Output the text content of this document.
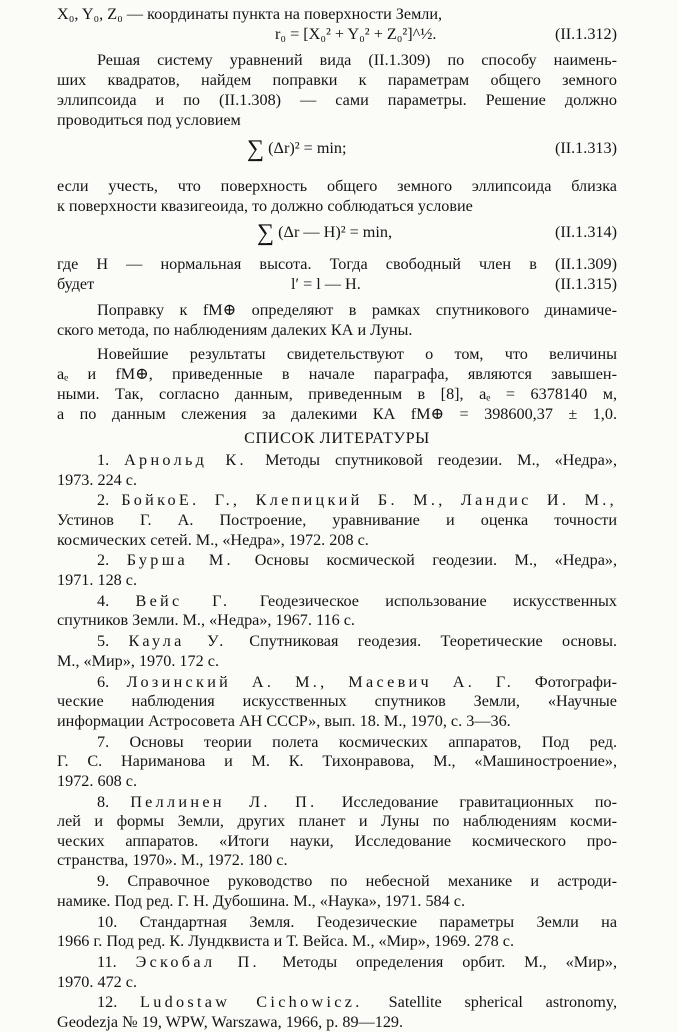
X₀, Y₀, Z₀ — координаты пункта на поверхности Земли,
r₀ = [X₀² + Y₀² + Z₀²]^½.	(II.1.312)
Решая систему уравнений вида (II.1.309) по способу наимень-
ших квадратов, найдем поправки к параметрам общего земного
эллипсоида и по (II.1.308) — сами параметры. Решение должно
проводиться под условием
∑ (Δr)² = min;	(II.1.313)
если учесть, что поверхность общего земного эллипсоида близка
к поверхности квазигеоида, то должно соблюдаться условие
∑ (Δr — H)² = min,	(II.1.314)
где H — нормальная высота. Тогда свободный член в (II.1.309)
будет	l′ = l — H.	(II.1.315)
Поправку к fM⊕ определяют в рамках спутникового динамиче-
ского метода, по наблюдениям далеких КА и Луны.
Новейшие результаты свидетельствуют о том, что величины
aₑ и fM⊕, приведенные в начале параграфа, являются завышен-
ными. Так, согласно данным, приведенным в [8], aₑ = 6378140 м,
а по данным слежения за далекими КА fM⊕ = 398600,37 ± 1,0.
СПИСОК ЛИТЕРАТУРЫ
1. Арнольд К. Методы спутниковой геодезии. М., «Недра»,
1973. 224 с.
2. БойкоЕ. Г., Клепицкий Б. М., Ландис И. М.,
Устинов Г. А. Построение, уравнивание и оценка точности
космических сетей. М., «Недра», 1972. 208 с.
2. Бурша М. Основы космической геодезии. М., «Недра»,
1971. 128 с.
4. Вейс Г. Геодезическое использование искусственных
спутников Земли. М., «Недра», 1967. 116 с.
5. Каула У. Спутниковая геодезия. Теоретические основы.
М., «Мир», 1970. 172 с.
6. Лозинский А. М., Масевич А. Г. Фотографи-
ческие наблюдения искусственных спутников Земли, «Научные
информации Астросовета АН СССР», вып. 18. М., 1970, с. 3—36.
7. Основы теории полета космических аппаратов, Под ред.
Г. С. Нариманова и М. К. Тихонравова, М., «Машиностроение»,
1972. 608 с.
8. Пеллинен Л. П. Исследование гравитационных по-
лей и формы Земли, других планет и Луны по наблюдениям косми-
ческих аппаратов. «Итоги науки, Исследование космического про-
странства, 1970». М., 1972. 180 с.
9. Справочное руководство по небесной механике и астроди-
намике. Под ред. Г. Н. Дубошина. М., «Наука», 1971. 584 с.
10. Стандартная Земля. Геодезические параметры Земли на
1966 г. Под ред. К. Лундквиста и Т. Вейса. М., «Мир», 1969. 278 с.
11. Эскобал П. Методы определения орбит. М., «Мир»,
1970. 472 с.
12. Ludostaw Cichowicz. Satellite spherical astronomy,
Geodezja № 19, WPW, Warszawa, 1966, p. 89—129.
